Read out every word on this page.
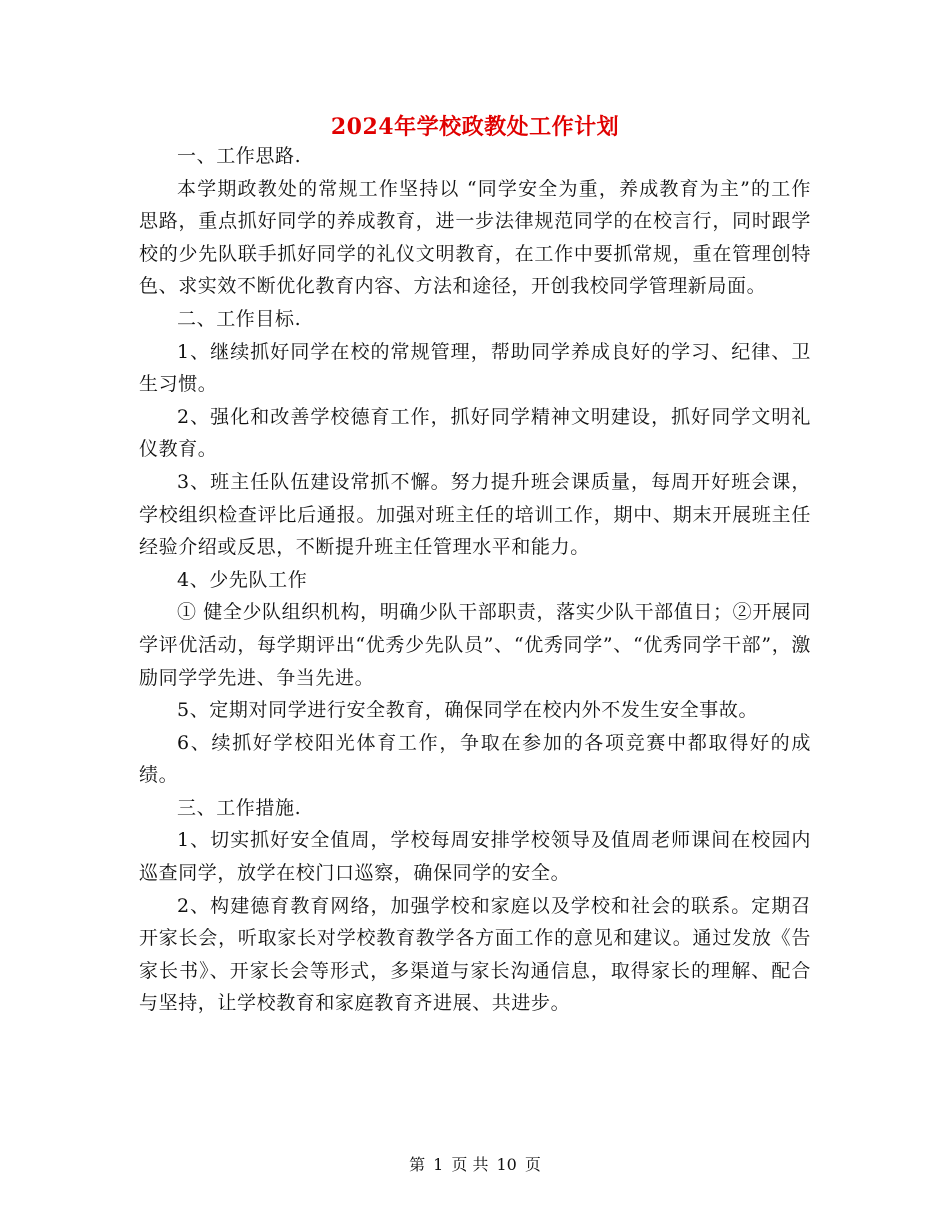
2024年学校政教处工作计划

一、工作思路.

本学期政教处的常规工作坚持以 “同学安全为重，养成教育为主”的工作思路，重点抓好同学的养成教育，进一步法律规范同学的在校言行，同时跟学校的少先队联手抓好同学的礼仪文明教育，在工作中要抓常规，重在管理创特色、求实效不断优化教育内容、方法和途径，开创我校同学管理新局面。

二、工作目标.

1、继续抓好同学在校的常规管理，帮助同学养成良好的学习、纪律、卫生习惯。

2、强化和改善学校德育工作，抓好同学精神文明建设，抓好同学文明礼仪教育。

3、班主任队伍建设常抓不懈。努力提升班会课质量，每周开好班会课，学校组织检查评比后通报。加强对班主任的培训工作，期中、期末开展班主任经验介绍或反思，不断提升班主任管理水平和能力。

4、少先队工作

① 健全少队组织机构，明确少队干部职责，落实少队干部值日；②开展同学评优活动，每学期评出“优秀少先队员”、“优秀同学”、“优秀同学干部”，激励同学学先进、争当先进。

5、定期对同学进行安全教育，确保同学在校内外不发生安全事故。

6、续抓好学校阳光体育工作，争取在参加的各项竞赛中都取得好的成绩。

三、工作措施.

1、切实抓好安全值周，学校每周安排学校领导及值周老师课间在校园内巡查同学，放学在校门口巡察，确保同学的安全。

2、构建德育教育网络，加强学校和家庭以及学校和社会的联系。定期召开家长会，听取家长对学校教育教学各方面工作的意见和建议。通过发放《告家长书》、开家长会等形式，多渠道与家长沟通信息，取得家长的理解、配合与坚持，让学校教育和家庭教育齐进展、共进步。

第 1 页 共 10 页
